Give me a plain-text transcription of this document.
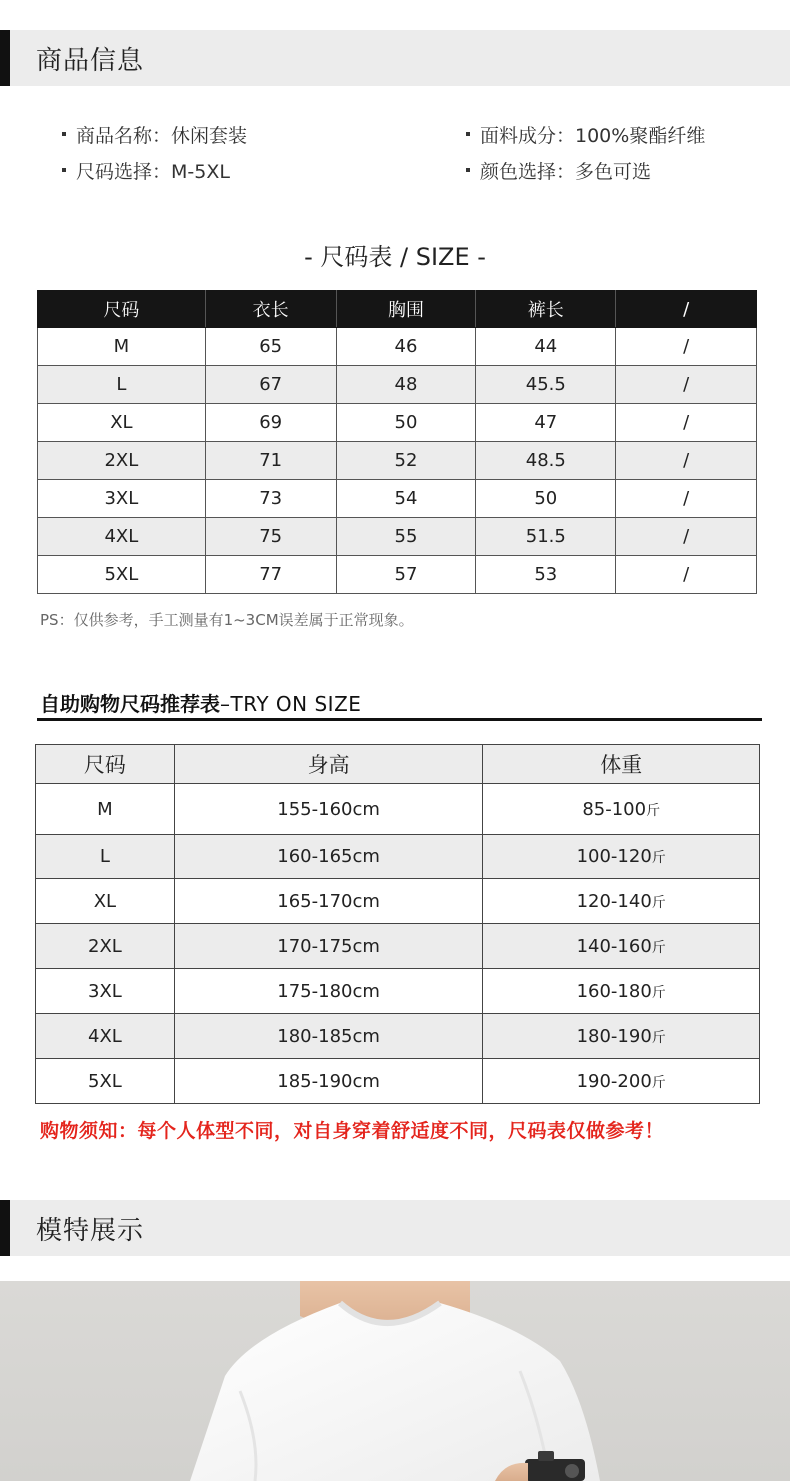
商品信息
商品名称：休闲套装
尺码选择：M-5XL
面料成分：100%聚酯纤维
颜色选择：多色可选
- 尺码表 / SIZE -
尺码	衣长	胸围	裤长	/
M	65	46	44	/
L	67	48	45.5	/
XL	69	50	47	/
2XL	71	52	48.5	/
3XL	73	54	50	/
4XL	75	55	51.5	/
5XL	77	57	53	/
PS：仅供参考，手工测量有1~3CM误差属于正常现象。
自助购物尺码推荐表–TRY ON SIZE
尺码	身高	体重
M	155-160cm	85-100斤
L	160-165cm	100-120斤
XL	165-170cm	120-140斤
2XL	170-175cm	140-160斤
3XL	175-180cm	160-180斤
4XL	180-185cm	180-190斤
5XL	185-190cm	190-200斤
购物须知：每个人体型不同，对自身穿着舒适度不同，尺码表仅做参考！
模特展示
